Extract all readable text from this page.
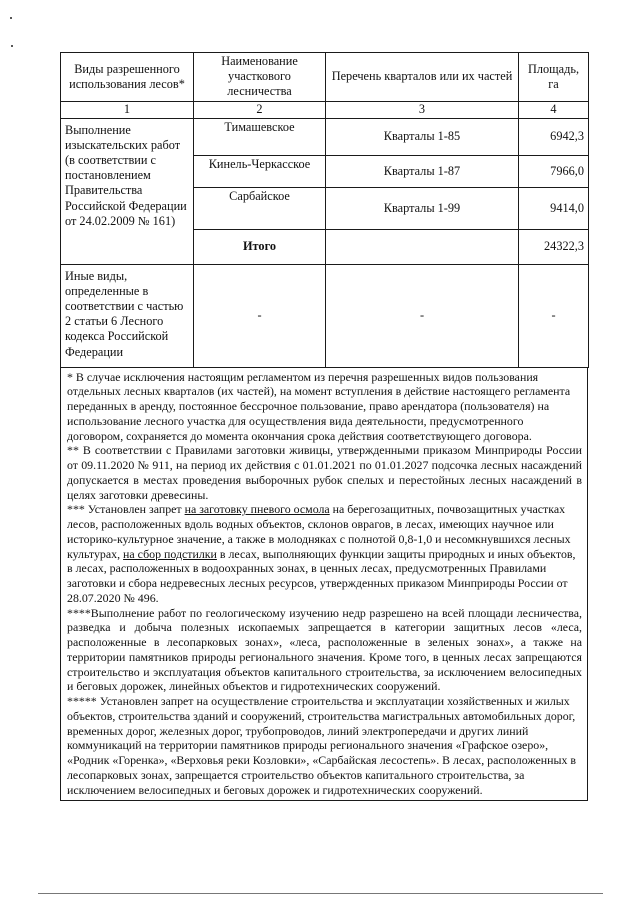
Виды разрешенного использования лесов*	Наименование участкового лесничества	Перечень кварталов или их частей	Площадь, га
1	2	3	4
Выполнение изыскательских работ (в соответствии с постановлением Правительства Российской Федерации от 24.02.2009 № 161)	Тимашевское	Кварталы 1-85	6942,3
	Кинель-Черкасское	Кварталы 1-87	7966,0
	Сарбайское	Кварталы 1-99	9414,0
	Итого		24322,3
Иные виды, определенные в соответствии с частью 2 статьи 6 Лесного кодекса Российской Федерации	-	-	-

* В случае исключения настоящим регламентом из перечня разрешенных видов пользования отдельных лесных кварталов (их частей), на момент вступления в действие настоящего регламента переданных в аренду, постоянное бессрочное пользование, право арендатора (пользователя) на использование лесного участка для осуществления вида деятельности, предусмотренного договором, сохраняется до момента окончания срока действия соответствующего договора.

** В соответствии с Правилами заготовки живицы, утвержденными приказом Минприроды России от 09.11.2020 № 911, на период их действия с 01.01.2021 по 01.01.2027 подсочка лесных насаждений допускается в местах проведения выборочных рубок спелых и перестойных лесных насаждений в целях заготовки древесины.

*** Установлен запрет на заготовку пневого осмола на берегозащитных, почвозащитных участках лесов, расположенных вдоль водных объектов, склонов оврагов, в лесах, имеющих научное или историко-культурное значение, а также в молодняках с полнотой 0,8-1,0 и несомкнувшихся лесных культурах, на сбор подстилки в лесах, выполняющих функции защиты природных и иных объектов, в лесах, расположенных в водоохранных зонах, в ценных лесах, предусмотренных Правилами заготовки и сбора недревесных лесных ресурсов, утвержденных приказом Минприроды России от 28.07.2020 № 496.

****Выполнение работ по геологическому изучению недр разрешено на всей площади лесничества, разведка и добыча полезных ископаемых запрещается в категории защитных лесов «леса, расположенные в лесопарковых зонах», «леса, расположенные в зеленых зонах», а также на территории памятников природы регионального значения. Кроме того, в ценных лесах запрещаются строительство и эксплуатация объектов капитального строительства, за исключением велосипедных и беговых дорожек, линейных объектов и гидротехнических сооружений.

***** Установлен запрет на осуществление строительства и эксплуатации хозяйственных и жилых объектов, строительства зданий и сооружений, строительства магистральных автомобильных дорог, временных дорог, железных дорог, трубопроводов, линий электропередачи и других линий коммуникаций на территории памятников природы регионального значения «Графское озеро», «Родник «Горенка», «Верховья реки Козловки», «Сарбайская лесостепь». В лесах, расположенных в лесопарковых зонах, запрещается строительство объектов капитального строительства, за исключением велосипедных и беговых дорожек и гидротехнических сооружений.
